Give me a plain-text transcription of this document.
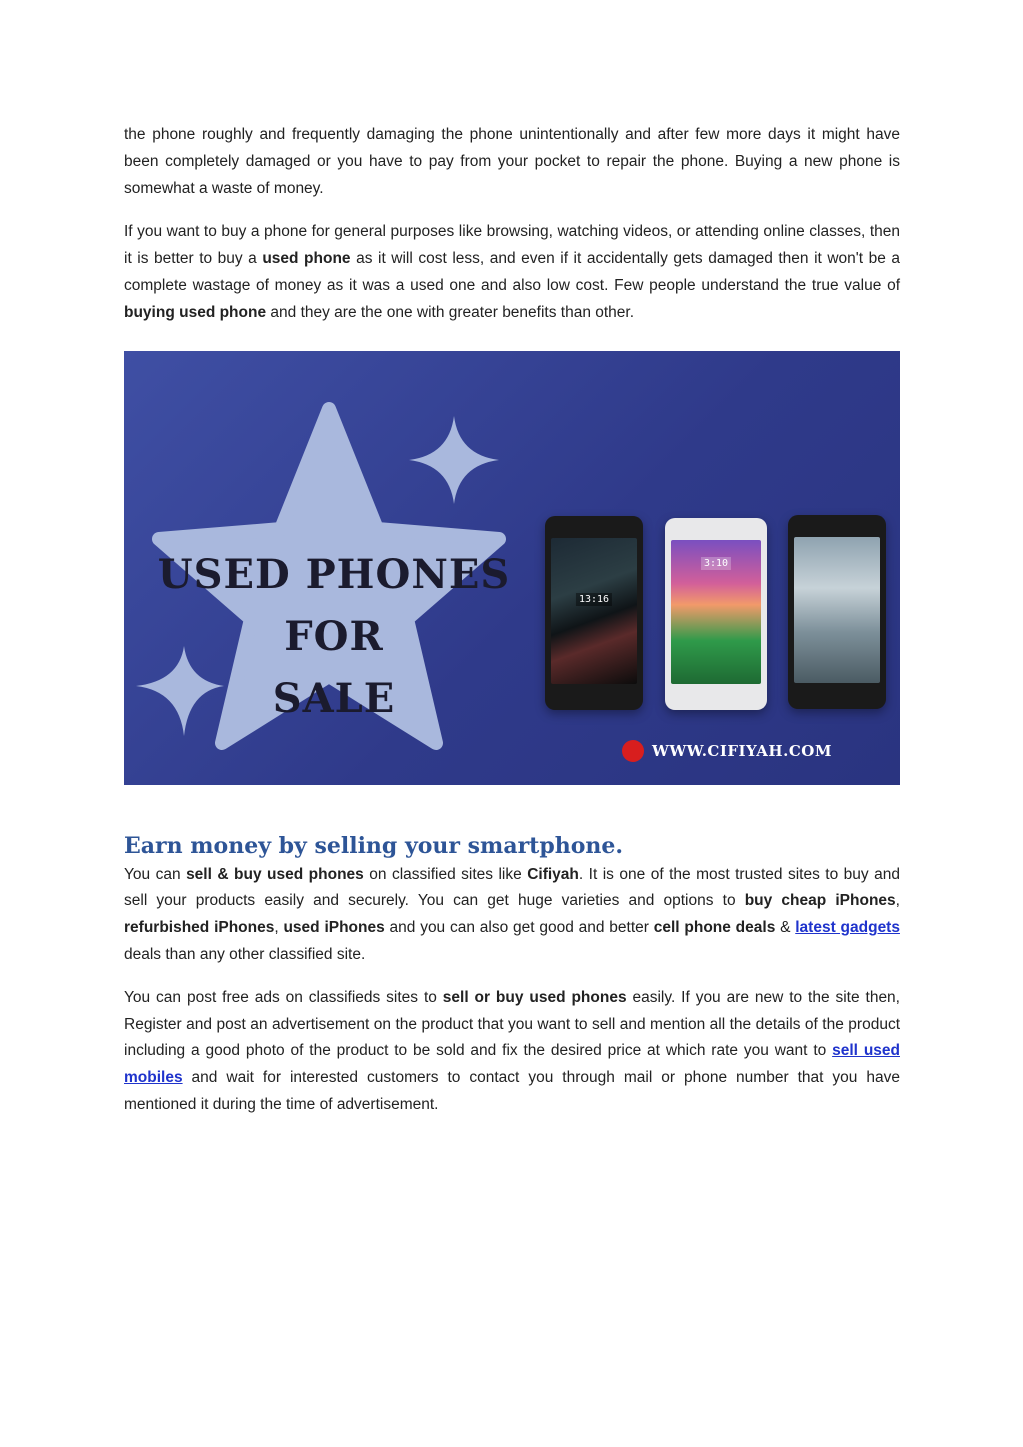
the phone roughly and frequently damaging the phone unintentionally and after few more days it might have been completely damaged or you have to pay from your pocket to repair the phone. Buying a new phone is somewhat a waste of money.

If you want to buy a phone for general purposes like browsing, watching videos, or attending online classes, then it is better to buy a used phone as it will cost less, and even if it accidentally gets damaged then it won't be a complete wastage of money as it was a used one and also low cost. Few people understand the true value of buying used phone and they are the one with greater benefits than other.

USED PHONES
FOR
SALE
13:16
3:10
WWW.CIFIYAH.COM
Earn money by selling your smartphone.

You can sell & buy used phones on classified sites like Cifiyah. It is one of the most trusted sites to buy and sell your products easily and securely. You can get huge varieties and options to buy cheap iPhones, refurbished iPhones, used iPhones and you can also get good and better cell phone deals & latest gadgets deals than any other classified site.

You can post free ads on classifieds sites to sell or buy used phones easily. If you are new to the site then, Register and post an advertisement on the product that you want to sell and mention all the details of the product including a good photo of the product to be sold and fix the desired price at which rate you want to sell used mobiles and wait for interested customers to contact you through mail or phone number that you have mentioned it during the time of advertisement.
